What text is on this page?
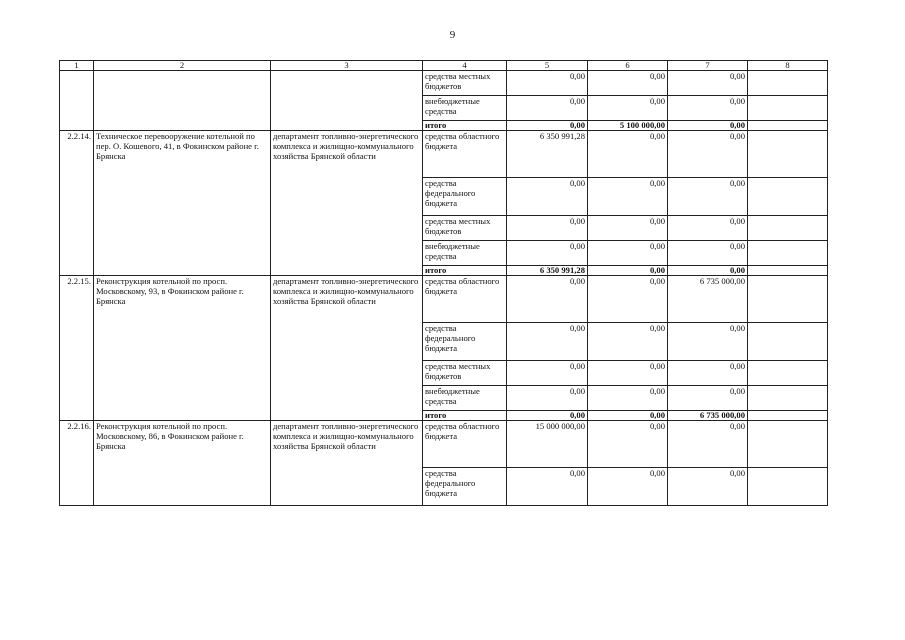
9
1	2	3	4	5	6	7	8
			средства местных бюджетов	0,00	0,00	0,00	
			внебюджетные средства	0,00	0,00	0,00	
			итого	0,00	5 100 000,00	0,00	
2.2.14.	Техническое перевооружение котельной по пер. О. Кошевого, 41, в Фокинском районе г. Брянска	департамент топливно-энергетического комплекса и жилищно-коммунального хозяйства Брянской области	средства областного бюджета	6 350 991,28	0,00	0,00	
			средства федерального бюджета	0,00	0,00	0,00	
			средства местных бюджетов	0,00	0,00	0,00	
			внебюджетные средства	0,00	0,00	0,00	
			итого	6 350 991,28	0,00	0,00	
2.2.15.	Реконструкция котельной по просп. Московскому, 93, в Фокинском районе г. Брянска	департамент топливно-энергетического комплекса и жилищно-коммунального хозяйства Брянской области	средства областного бюджета	0,00	0,00	6 735 000,00	
			средства федерального бюджета	0,00	0,00	0,00	
			средства местных бюджетов	0,00	0,00	0,00	
			внебюджетные средства	0,00	0,00	0,00	
			итого	0,00	0,00	6 735 000,00	
2.2.16.	Реконструкция котельной по просп. Московскому, 86, в Фокинском районе г. Брянска	департамент топливно-энергетического комплекса и жилищно-коммунального хозяйства Брянской области	средства областного бюджета	15 000 000,00	0,00	0,00	
			средства федерального бюджета	0,00	0,00	0,00	
